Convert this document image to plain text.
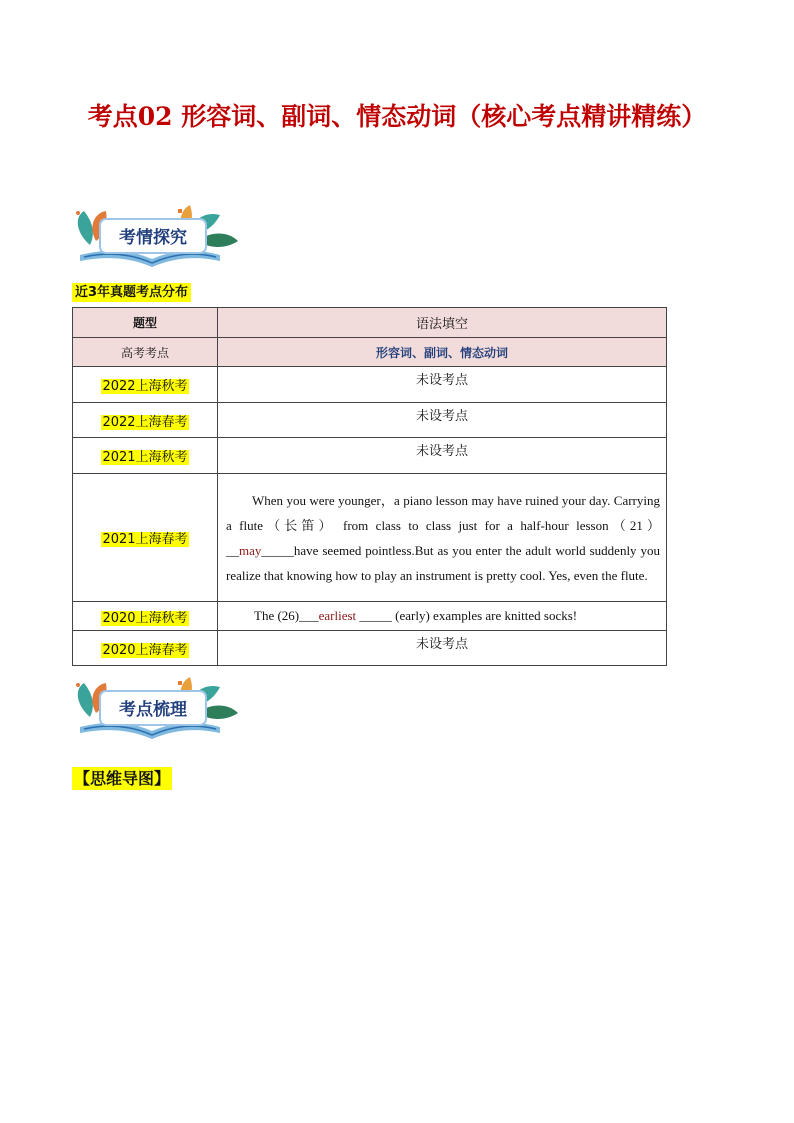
考点02 形容词、副词、情态动词（核心考点精讲精练）
考情探究
近3年真题考点分布
题型	语法填空
高考考点	形容词、副词、情态动词
2022上海秋考	未设考点
2022上海春考	未设考点
2021上海秋考	未设考点
2021上海春考	When you were younger，a piano lesson may have ruined your day. Carrying a flute（长笛） from class to class just for a half-hour lesson（21）__may_____have seemed pointless.But as you enter the adult world suddenly you realize that knowing how to play an instrument is pretty cool. Yes, even the flute.
2020上海秋考	The (26)___earliest _____ (early) examples are knitted socks!
2020上海春考	未设考点
考点梳理
【思维导图】
